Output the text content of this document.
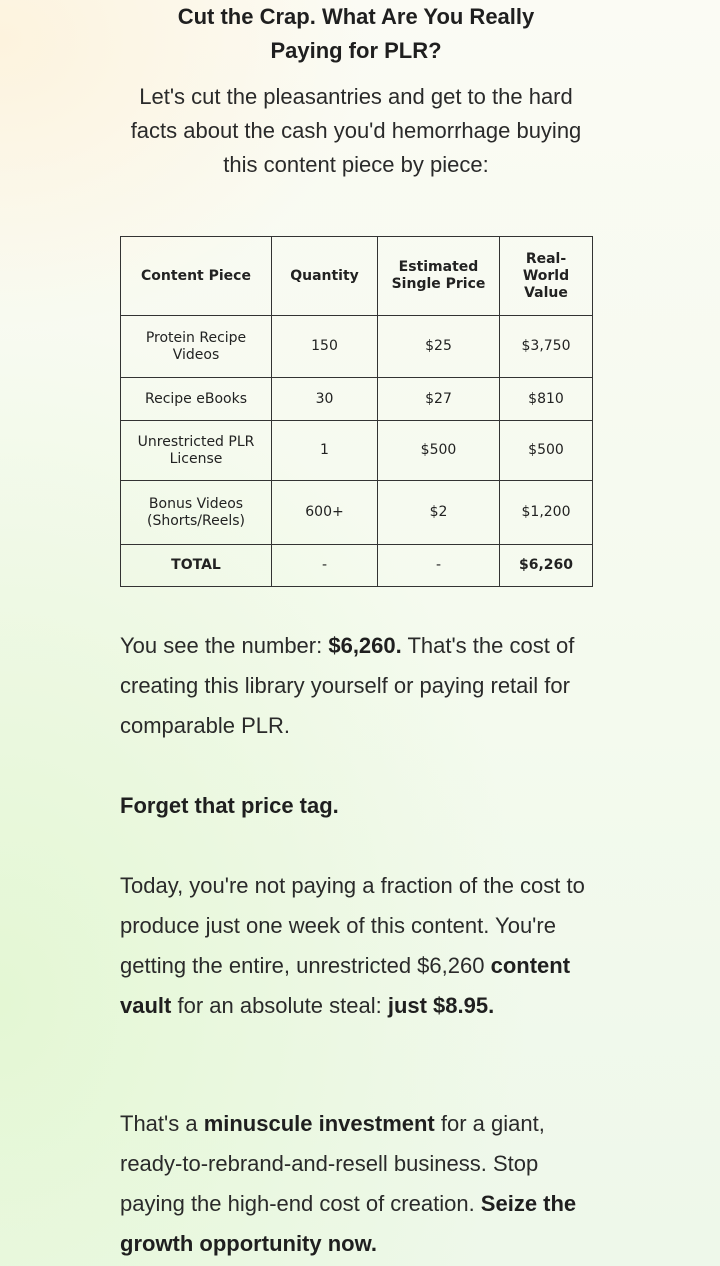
Cut the Crap. What Are You Really
Paying for PLR?

Let's cut the pleasantries and get to the hard facts about the cash you'd hemorrhage buying this content piece by piece:

Content Piece	Quantity	Estimated Single Price	Real-World Value
Protein Recipe Videos	150	$25	$3,750
Recipe eBooks	30	$27	$810
Unrestricted PLR License	1	$500	$500
Bonus Videos (Shorts/Reels)	600+	$2	$1,200
TOTAL	-	-	$6,260

You see the number: $6,260. That's the cost of creating this library yourself or paying retail for comparable PLR.

Forget that price tag.

Today, you're not paying a fraction of the cost to produce just one week of this content. You're getting the entire, unrestricted $6,260 content vault for an absolute steal: just $8.95.

That's a minuscule investment for a giant, ready-to-rebrand-and-resell business. Stop paying the high-end cost of creation. Seize the growth opportunity now.
